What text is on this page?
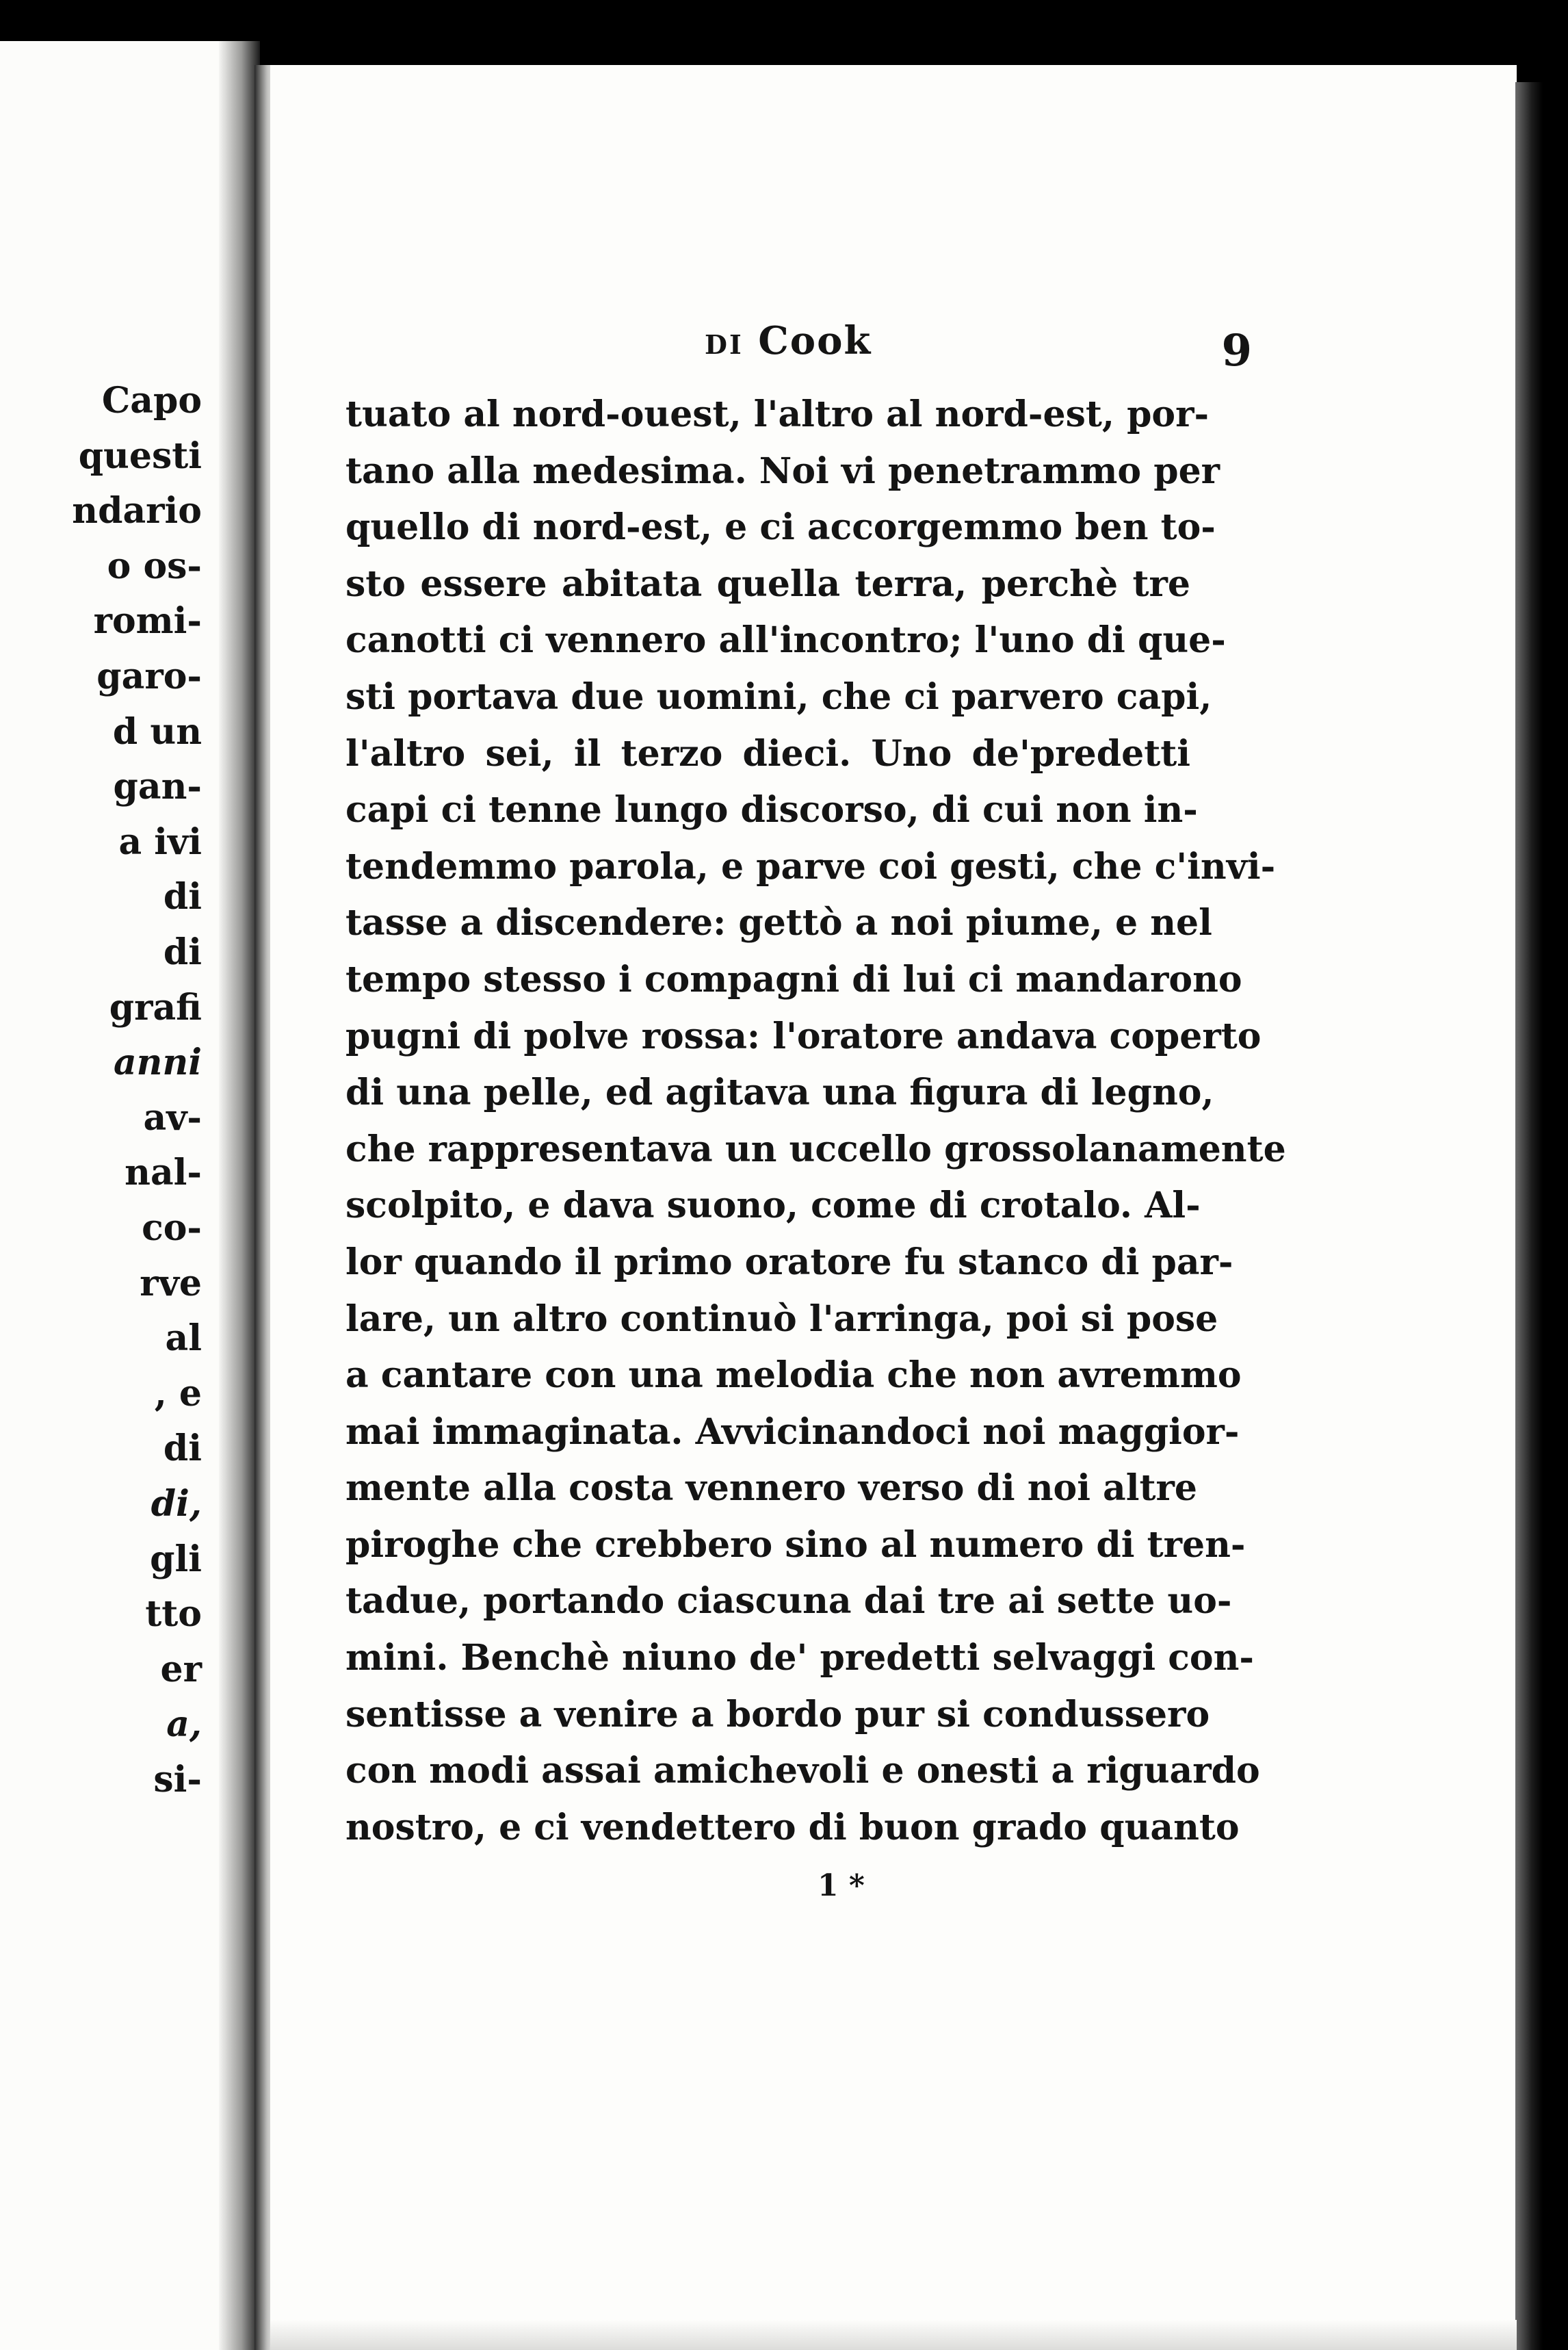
Capo
questi
ndario
o os-
romi-
garo-
d un
gan-
a ivi
di
di
grafi
anni
av-
nal-
co-
rve
al
, e
di
di,
gli
tto
er
a,
si-
DI Cook	9
tuato al nord-ouest, l'altro al nord-est, por-
tano alla medesima. Noi vi penetrammo per
quello di nord-est, e ci accorgemmo ben to-
sto essere abitata quella terra, perchè tre
canotti ci vennero all'incontro; l'uno di que-
sti portava due uomini, che ci parvero capi,
l'altro sei, il terzo dieci. Uno de'predetti
capi ci tenne lungo discorso, di cui non in-
tendemmo parola, e parve coi gesti, che c'invi-
tasse a discendere: gettò a noi piume, e nel
tempo stesso i compagni di lui ci mandarono
pugni di polve rossa: l'oratore andava coperto
di una pelle, ed agitava una figura di legno,
che rappresentava un uccello grossolanamente
scolpito, e dava suono, come di crotalo. Al-
lor quando il primo oratore fu stanco di par-
lare, un altro continuò l'arringa, poi si pose
a cantare con una melodia che non avremmo
mai immaginata. Avvicinandoci noi maggior-
mente alla costa vennero verso di noi altre
piroghe che crebbero sino al numero di tren-
tadue, portando ciascuna dai tre ai sette uo-
mini. Benchè niuno de' predetti selvaggi con-
sentisse a venire a bordo pur si condussero
con modi assai amichevoli e onesti a riguardo
nostro, e ci vendettero di buon grado quanto
1 *
